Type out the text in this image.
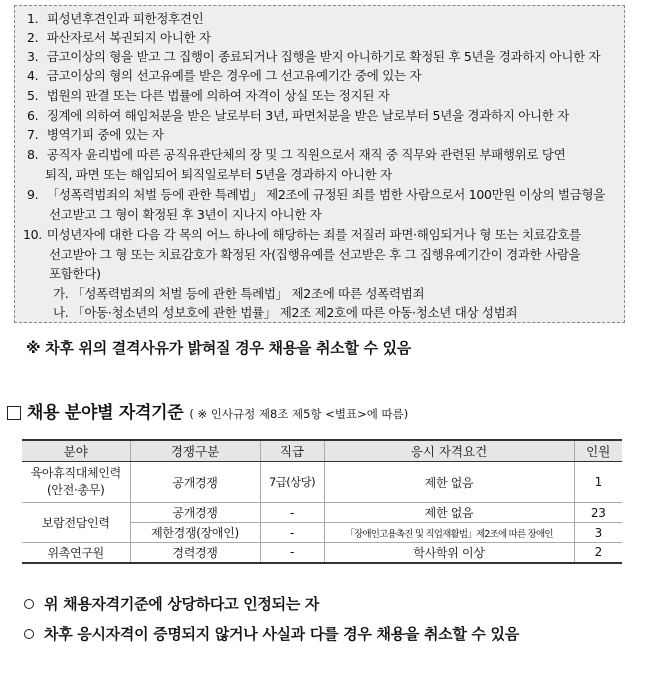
1. 피성년후견인과 피한정후견인
2. 파산자로서 복권되지 아니한 자
3. 금고이상의 형을 받고 그 집행이 종료되거나 집행을 받지 아니하기로 확정된 후 5년을 경과하지 아니한 자
4. 금고이상의 형의 선고유예를 받은 경우에 그 선고유예기간 중에 있는 자
5. 법원의 판결 또는 다른 법률에 의하여 자격이 상실 또는 정지된 자
6. 징계에 의하여 해임처분을 받은 날로부터 3년, 파면처분을 받은 날로부터 5년을 경과하지 아니한 자
7. 병역기피 중에 있는 자
8. 공직자 윤리법에 따른 공직유관단체의 장 및 그 직원으로서 재직 중 직무와 관련된 부패행위로 당연
퇴직, 파면 또는 해임되어 퇴직일로부터 5년을 경과하지 아니한 자
9. 「성폭력범죄의 처벌 등에 관한 특례법」 제2조에 규정된 죄를 범한 사람으로서 100만원 이상의 벌금형을
선고받고 그 형이 확정된 후 3년이 지나지 아니한 자
10. 미성년자에 대한 다음 각 목의 어느 하나에 해당하는 죄를 저질러 파면·해임되거나 형 또는 치료감호를
선고받아 그 형 또는 치료감호가 확정된 자(집행유예를 선고받은 후 그 집행유예기간이 경과한 사람을
포함한다)
가. 「성폭력범죄의 처벌 등에 관한 특례법」 제2조에 따른 성폭력범죄
나. 「아동·청소년의 성보호에 관한 법률」 제2조 제2호에 따른 아동·청소년 대상 성범죄
※ 차후 위의 결격사유가 밝혀질 경우 채용을 취소할 수 있음
채용 분야별 자격기준 ( ※ 인사규정 제8조 제5항 <별표>에 따름)
분야	경쟁구분	직급	응시 자격요건	인원
육아휴직대체인력
(안전·총무)	공개경쟁	7급(상당)	제한 없음	1
보람전담인력	공개경쟁	-	제한 없음	23
	제한경쟁(장애인)	-	「장애인고용촉진 및 직업재활법」제2조에 따른 장애인	3
위촉연구원	경력경쟁	-	학사학위 이상	2
위 채용자격기준에 상당하다고 인정되는 자
차후 응시자격이 증명되지 않거나 사실과 다를 경우 채용을 취소할 수 있음
